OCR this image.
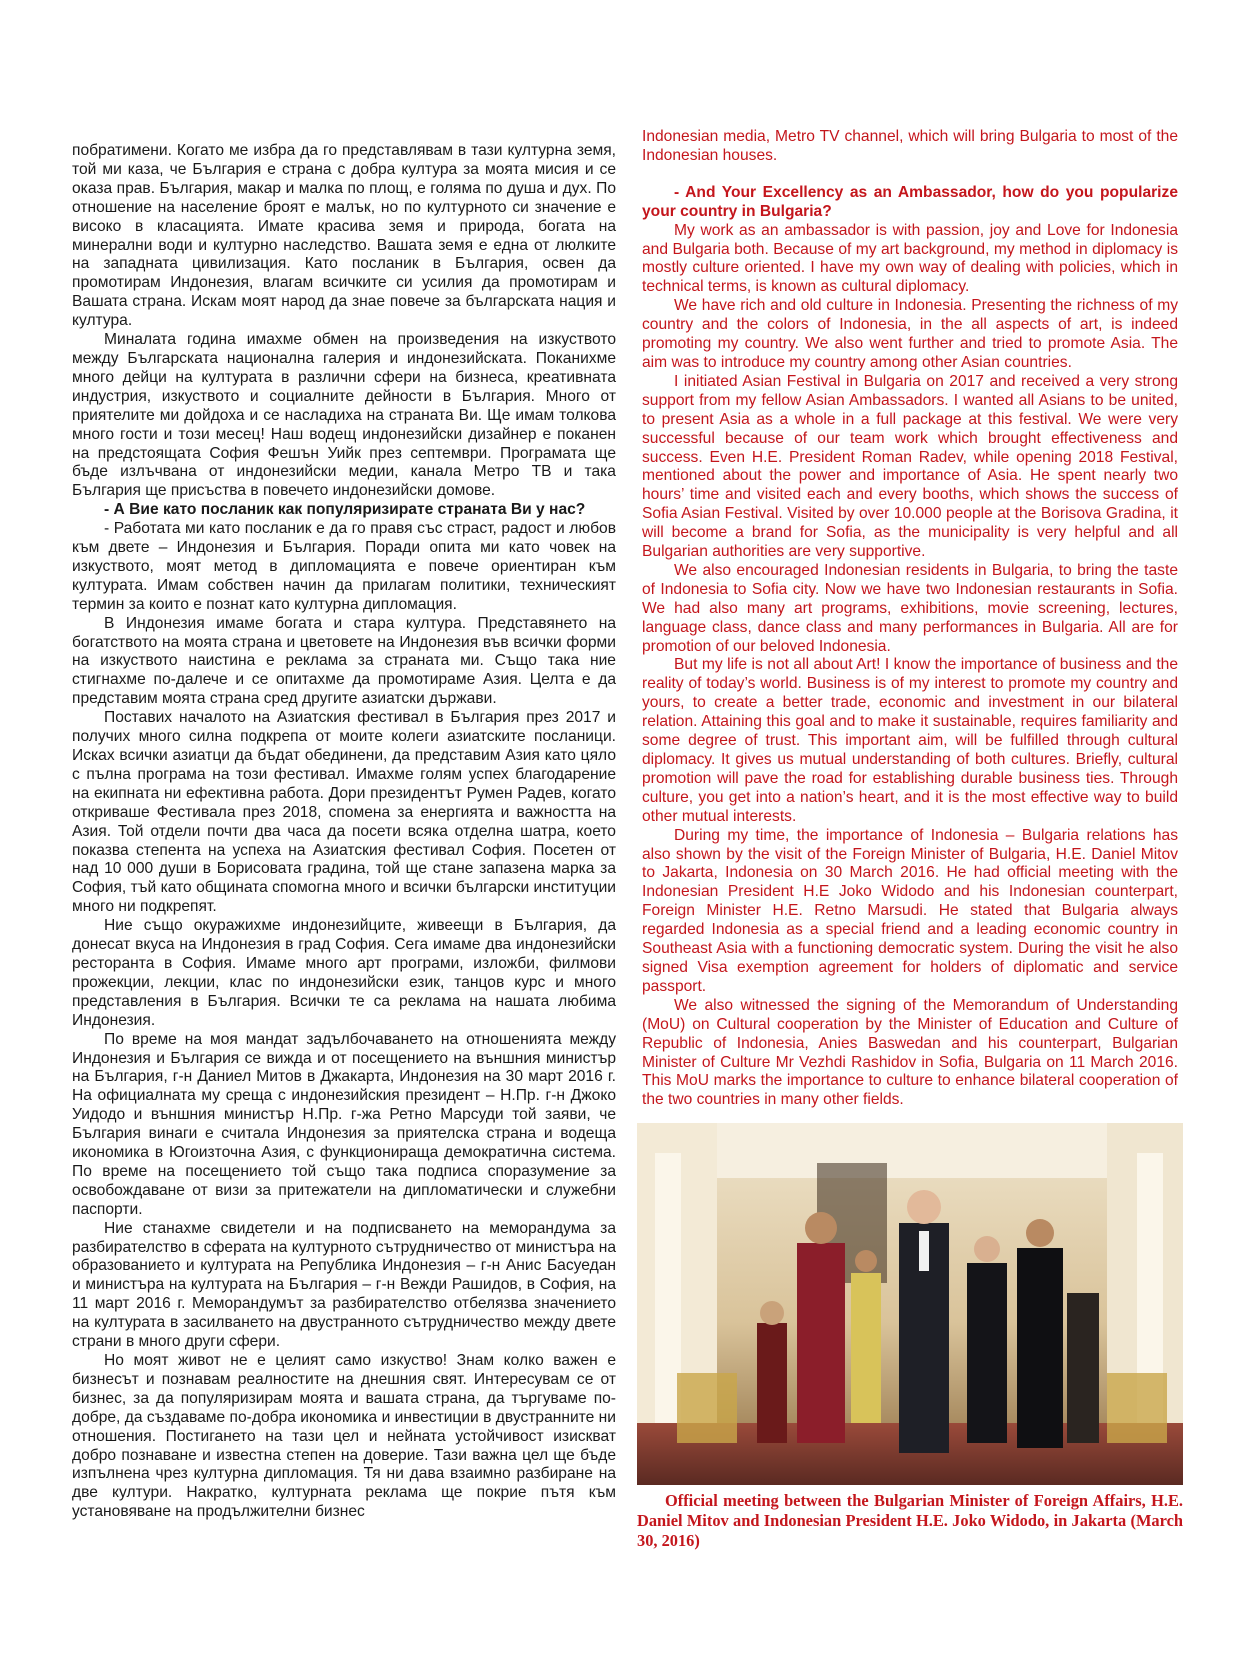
побратимени. Когато ме избра да го представлявам в тази културна земя, той ми каза, че България е страна с добра култура за моята мисия и се оказа прав. България, макар и малка по площ, е голяма по душа и дух. По отношение на население броят е малък, но по културното си значение е високо в класацията. Имате красива земя и природа, богата на минерални води и културно наследство. Вашата земя е една от люлките на западната цивилизация. Като посланик в България, освен да промотирам Индонезия, влагам всичките си усилия да промотирам и Вашата страна. Искам моят народ да знае повече за българската нация и култура.

Миналата година имахме обмен на произведения на изкуството между Българската национална галерия и индонезийската. Поканихме много дейци на културата в различни сфери на бизнеса, креативната индустрия, изкуството и социалните дейности в България. Много от приятелите ми дойдоха и се насладиха на страната Ви. Ще имам толкова много гости и този месец! Наш водещ индонезийски дизайнер е поканен на предстоящата София Фешън Уийк през септември. Програмата ще бъде излъчвана от индонезийски медии, канала Метро ТВ и така България ще присъства в повечето индонезийски домове.

- А Вие като посланик как популяризирате страната Ви у нас?

- Работата ми като посланик е да го правя със страст, радост и любов към двете – Индонезия и България. Поради опита ми като човек на изкуството, моят метод в дипломацията е повече ориентиран към културата. Имам собствен начин да прилагам политики, техническият термин за които е познат като културна дипломация.

В Индонезия имаме богата и стара култура. Представянето на богатството на моята страна и цветовете на Индонезия във всички форми на изкуството наистина е реклама за страната ми. Също така ние стигнахме по-далече и се опитахме да промотираме Азия. Целта е да представим моята страна сред другите азиатски държави.

Поставих началото на Азиатския фестивал в България през 2017 и получих много силна подкрепа от моите колеги азиатските посланици. Исках всички азиатци да бъдат обединени, да представим Азия като цяло с пълна програма на този фестивал. Имахме голям успех благодарение на екипната ни ефективна работа. Дори президентът Румен Радев, когато откриваше Фестивала през 2018, спомена за енергията и важността на Азия. Той отдели почти два часа да посети всяка отделна шатра, което показва степента на успеха на Азиатския фестивал София. Посетен от над 10 000 души в Борисовата градина, той ще стане запазена марка за София, тъй като общината спомогна много и всички български институции много ни подкрепят.

Ние също окуражихме индонезийците, живеещи в България, да донесат вкуса на Индонезия в град София. Сега имаме два индонезийски ресторанта в София. Имаме много арт програми, изложби, филмови прожекции, лекции, клас по индонезийски език, танцов курс и много представления в България. Всички те са реклама на нашата любима Индонезия.

По време на моя мандат задълбочаването на отношенията между Индонезия и България се вижда и от посещението на външния министър на България, г-н Даниел Митов в Джакарта, Индонезия на 30 март 2016 г. На официалната му среща с индонезийския президент – Н.Пр. г-н Джоко Уидодо и външния министър Н.Пр. г-жа Ретно Марсуди той заяви, че България винаги е считала Индонезия за приятелска страна и водеща икономика в Югоизточна Азия, с функционираща демократична система. По време на посещението той също така подписа споразумение за освобождаване от визи за притежатели на дипломатически и служебни паспорти.

Ние станахме свидетели и на подписването на меморандума за разбирателство в сферата на културното сътрудничество от министъра на образованието и културата на Република Индонезия – г-н Анис Басуедан и министъра на културата на България – г-н Вежди Рашидов, в София, на 11 март 2016 г. Меморандумът за разбирателство отбелязва значението на културата в засилването на двустранното сътрудничество между двете страни в много други сфери.

Но моят живот не е целият само изкуство! Знам колко важен е бизнесът и познавам реалностите на днешния свят. Интересувам се от бизнес, за да популяризирам моята и вашата страна, да търгуваме по-добре, да създаваме по-добра икономика и инвестиции в двустранните ни отношения. Постигането на тази цел и нейната устойчивост изискват добро познаване и известна степен на доверие. Тази важна цел ще бъде изпълнена чрез културна дипломация. Тя ни дава взаимно разбиране на две култури. Накратко, културната реклама ще покрие пътя към установяване на продължителни бизнес

Indonesian media, Metro TV channel, which will bring Bulgaria to most of the Indonesian houses.

- And Your Excellency as an Ambassador, how do you popularize your country in Bulgaria?

My work as an ambassador is with passion, joy and Love for Indonesia and Bulgaria both. Because of my art background, my method in diplomacy is mostly culture oriented. I have my own way of dealing with policies, which in technical terms, is known as cultural diplomacy.

We have rich and old culture in Indonesia. Presenting the richness of my country and the colors of Indonesia, in the all aspects of art, is indeed promoting my country. We also went further and tried to promote Asia. The aim was to introduce my country among other Asian countries.

I initiated Asian Festival in Bulgaria on 2017 and received a very strong support from my fellow Asian Ambassadors. I wanted all Asians to be united, to present Asia as a whole in a full package at this festival. We were very successful because of our team work which brought effectiveness and success. Even H.E. President Roman Radev, while opening 2018 Festival, mentioned about the power and importance of Asia. He spent nearly two hours’ time and visited each and every booths, which shows the success of Sofia Asian Festival. Visited by over 10.000 people at the Borisova Gradina, it will become a brand for Sofia, as the municipality is very helpful and all Bulgarian authorities are very supportive.

We also encouraged Indonesian residents in Bulgaria, to bring the taste of Indonesia to Sofia city. Now we have two Indonesian restaurants in Sofia. We had also many art programs, exhibitions, movie screening, lectures, language class, dance class and many performances in Bulgaria. All are for promotion of our beloved Indonesia.

But my life is not all about Art! I know the importance of business and the reality of today’s world. Business is of my interest to promote my country and yours, to create a better trade, economic and investment in our bilateral relation. Attaining this goal and to make it sustainable, requires familiarity and some degree of trust. This important aim, will be fulfilled through cultural diplomacy. It gives us mutual understanding of both cultures. Briefly, cultural promotion will pave the road for establishing durable business ties. Through culture, you get into a nation’s heart, and it is the most effective way to build other mutual interests.

During my time, the importance of Indonesia – Bulgaria relations has also shown by the visit of the Foreign Minister of Bulgaria, H.E. Daniel Mitov to Jakarta, Indonesia on 30 March 2016. He had official meeting with the Indonesian President H.E Joko Widodo and his Indonesian counterpart, Foreign Minister H.E. Retno Marsudi. He stated that Bulgaria always regarded Indonesia as a special friend and a leading economic country in Southeast Asia with a functioning democratic system. During the visit he also signed Visa exemption agreement for holders of diplomatic and service passport.

We also witnessed the signing of the Memorandum of Understanding (MoU) on Cultural cooperation by the Minister of Education and Culture of Republic of Indonesia, Anies Baswedan and his counterpart, Bulgarian Minister of Culture Mr Vezhdi Rashidov in Sofia, Bulgaria on 11 March 2016. This MoU marks the importance to culture to enhance bilateral cooperation of the two countries in many other fields.

Official meeting between the Bulgarian Minister of Foreign Affairs, H.E. Daniel Mitov and Indonesian President H.E. Joko Widodo, in Jakarta (March 30, 2016)
